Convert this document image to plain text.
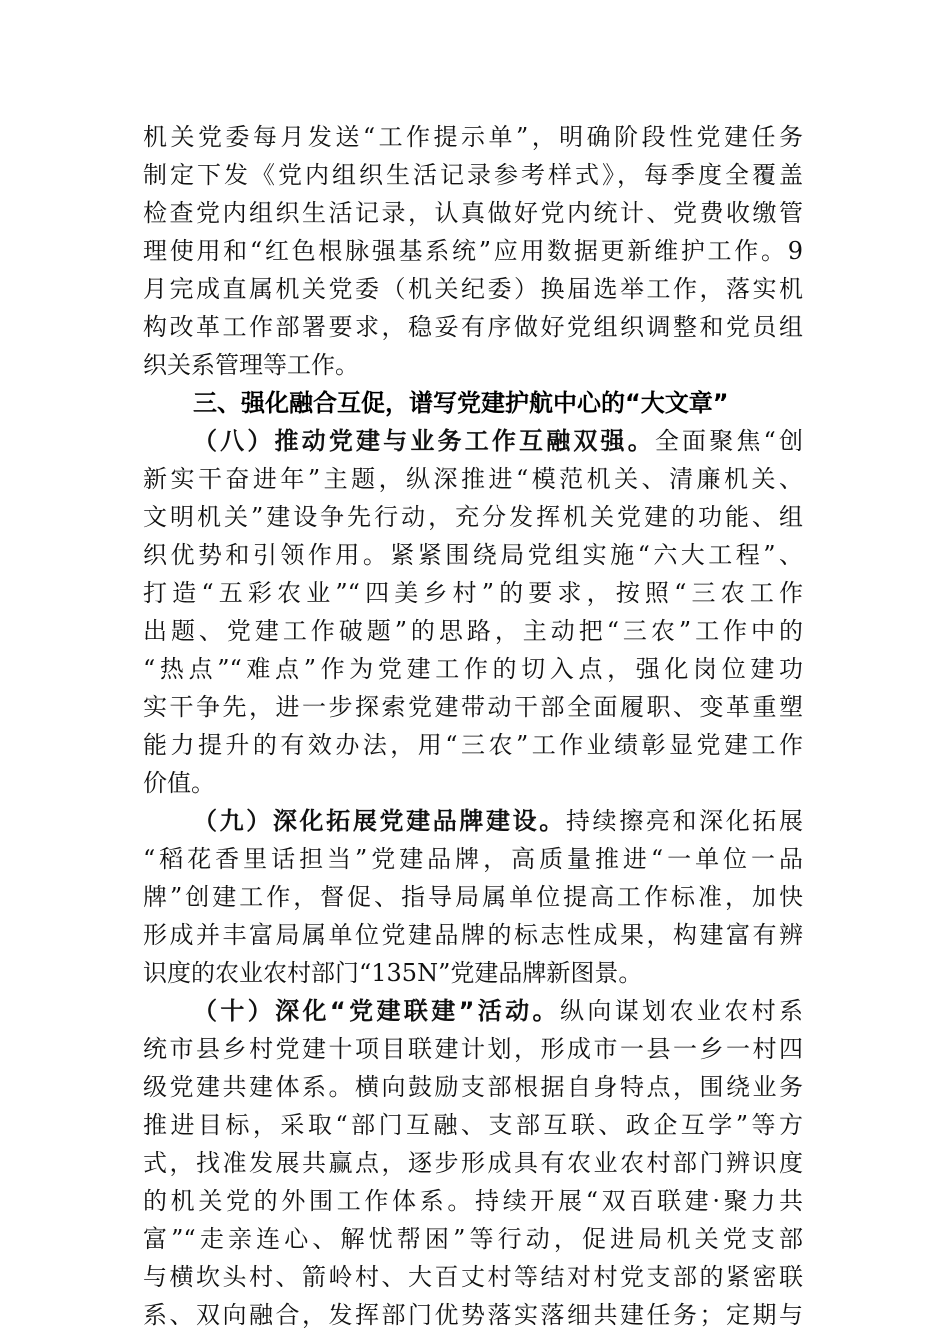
机关党委每月发送“工作提示单”，明确阶段性党建任务
制定下发《党内组织生活记录参考样式》，每季度全覆盖
检查党内组织生活记录，认真做好党内统计、党费收缴管
理使用和“红色根脉强基系统”应用数据更新维护工作。9
月完成直属机关党委（机关纪委）换届选举工作，落实机
构改革工作部署要求，稳妥有序做好党组织调整和党员组
织关系管理等工作。
三、强化融合互促，谱写党建护航中心的“大文章”
（八）推动党建与业务工作互融双强。全面聚焦“创
新实干奋进年”主题，纵深推进“模范机关、清廉机关、
文明机关”建设争先行动，充分发挥机关党建的功能、组
织优势和引领作用。紧紧围绕局党组实施“六大工程”、
打造“五彩农业”“四美乡村”的要求，按照“三农工作
出题、党建工作破题”的思路，主动把“三农”工作中的
“热点”“难点”作为党建工作的切入点，强化岗位建功
实干争先，进一步探索党建带动干部全面履职、变革重塑
能力提升的有效办法，用“三农”工作业绩彰显党建工作
价值。
（九）深化拓展党建品牌建设。持续擦亮和深化拓展
“稻花香里话担当”党建品牌，高质量推进“一单位一品
牌”创建工作，督促、指导局属单位提高工作标准，加快
形成并丰富局属单位党建品牌的标志性成果，构建富有辨
识度的农业农村部门“135N”党建品牌新图景。
（十）深化“党建联建”活动。纵向谋划农业农村系
统市县乡村党建十项目联建计划，形成市一县一乡一村四
级党建共建体系。横向鼓励支部根据自身特点，围绕业务
推进目标，采取“部门互融、支部互联、政企互学”等方
式，找准发展共赢点，逐步形成具有农业农村部门辨识度
的机关党的外围工作体系。持续开展“双百联建·聚力共
富”“走亲连心、解忧帮困”等行动，促进局机关党支部
与横坎头村、箭岭村、大百丈村等结对村党支部的紧密联
系、双向融合，发挥部门优势落实落细共建任务；定期与
